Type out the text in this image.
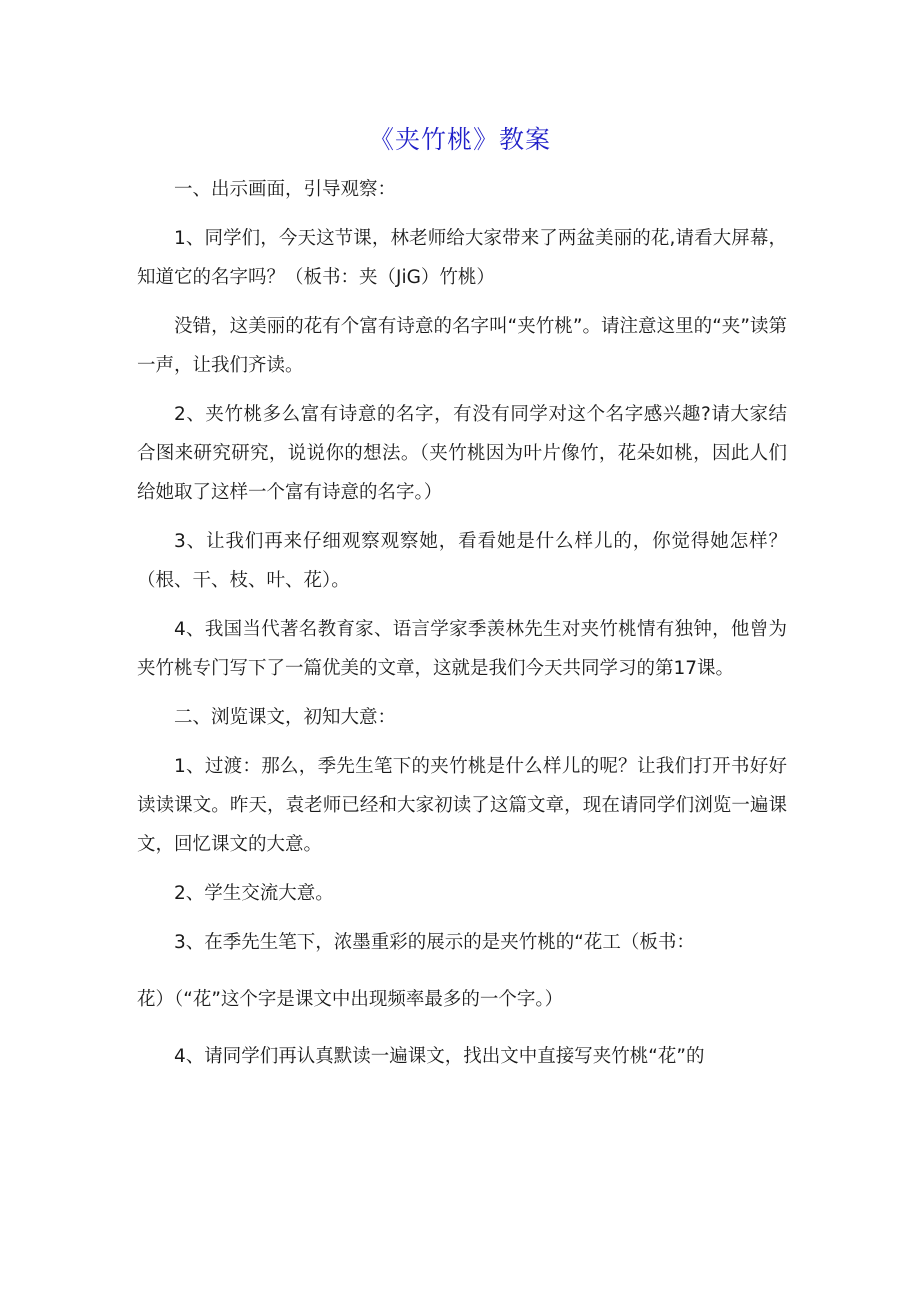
《夹竹桃》教案

一、出示画面，引导观察：

1、同学们，今天这节课，林老师给大家带来了两盆美丽的花,请看大屏幕，知道它的名字吗？（板书：夹（JiG）竹桃）

没错，这美丽的花有个富有诗意的名字叫“夹竹桃”。请注意这里的“夹”读第一声，让我们齐读。

2、夹竹桃多么富有诗意的名字，有没有同学对这个名字感兴趣?请大家结合图来研究研究，说说你的想法。（夹竹桃因为叶片像竹，花朵如桃，因此人们给她取了这样一个富有诗意的名字。）

3、让我们再来仔细观察观察她，看看她是什么样儿的，你觉得她怎样？（根、干、枝、叶、花）。

4、我国当代著名教育家、语言学家季羡林先生对夹竹桃情有独钟，他曾为夹竹桃专门写下了一篇优美的文章，这就是我们今天共同学习的第17课。

二、浏览课文，初知大意：

1、过渡：那么，季先生笔下的夹竹桃是什么样儿的呢？让我们打开书好好读读课文。昨天，袁老师已经和大家初读了这篇文章，现在请同学们浏览一遍课文，回忆课文的大意。

2、学生交流大意。

3、在季先生笔下，浓墨重彩的展示的是夹竹桃的“花工（板书：

花）（“花”这个字是课文中出现频率最多的一个字。）

4、请同学们再认真默读一遍课文，找出文中直接写夹竹桃“花”的
